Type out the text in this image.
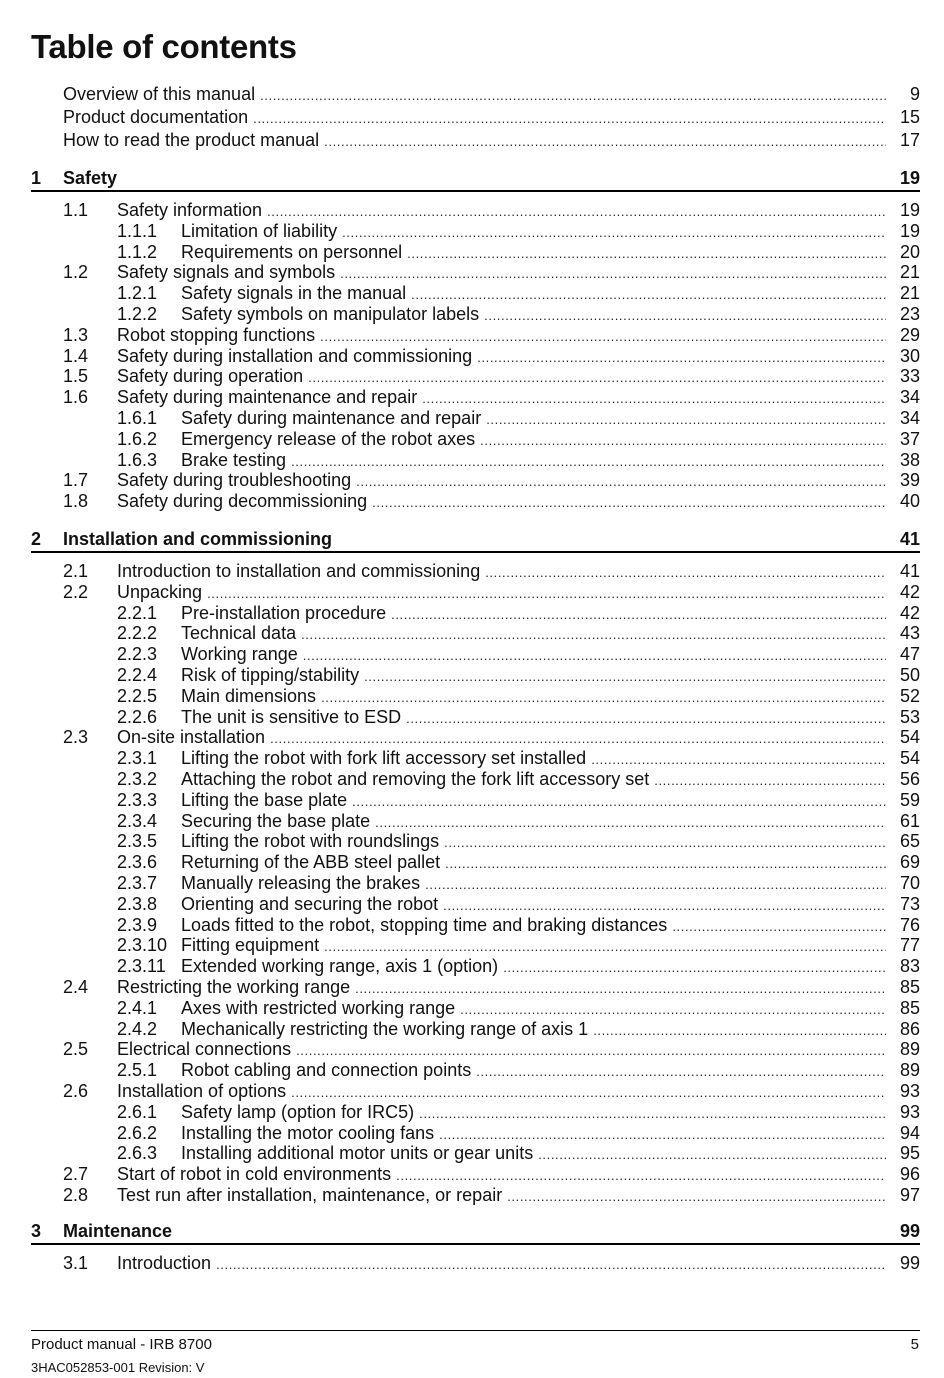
Table of contents
Overview of this manual .....	9
Product documentation .....	15
How to read the product manual .....	17
1	Safety	19
1.1	Safety information .....	19
1.1.1	Limitation of liability .....	19
1.1.2	Requirements on personnel .....	20
1.2	Safety signals and symbols .....	21
1.2.1	Safety signals in the manual .....	21
1.2.2	Safety symbols on manipulator labels .....	23
1.3	Robot stopping functions .....	29
1.4	Safety during installation and commissioning .....	30
1.5	Safety during operation .....	33
1.6	Safety during maintenance and repair .....	34
1.6.1	Safety during maintenance and repair .....	34
1.6.2	Emergency release of the robot axes .....	37
1.6.3	Brake testing .....	38
1.7	Safety during troubleshooting .....	39
1.8	Safety during decommissioning .....	40
2	Installation and commissioning	41
2.1	Introduction to installation and commissioning .....	41
2.2	Unpacking .....	42
2.2.1	Pre-installation procedure .....	42
2.2.2	Technical data .....	43
2.2.3	Working range .....	47
2.2.4	Risk of tipping/stability .....	50
2.2.5	Main dimensions .....	52
2.2.6	The unit is sensitive to ESD .....	53
2.3	On-site installation .....	54
2.3.1	Lifting the robot with fork lift accessory set installed .....	54
2.3.2	Attaching the robot and removing the fork lift accessory set .....	56
2.3.3	Lifting the base plate .....	59
2.3.4	Securing the base plate .....	61
2.3.5	Lifting the robot with roundslings .....	65
2.3.6	Returning of the ABB steel pallet .....	69
2.3.7	Manually releasing the brakes .....	70
2.3.8	Orienting and securing the robot .....	73
2.3.9	Loads fitted to the robot, stopping time and braking distances .....	76
2.3.10 Fitting equipment .....	77
2.3.11 Extended working range, axis 1 (option) .....	83
2.4	Restricting the working range .....	85
2.4.1	Axes with restricted working range .....	85
2.4.2	Mechanically restricting the working range of axis 1 .....	86
2.5	Electrical connections .....	89
2.5.1	Robot cabling and connection points .....	89
2.6	Installation of options .....	93
2.6.1	Safety lamp (option for IRC5) .....	93
2.6.2	Installing the motor cooling fans .....	94
2.6.3	Installing additional motor units or gear units .....	95
2.7	Start of robot in cold environments .....	96
2.8	Test run after installation, maintenance, or repair .....	97
3	Maintenance	99
3.1	Introduction .....	99
Product manual - IRB 8700	5
3HAC052853-001 Revision: V
